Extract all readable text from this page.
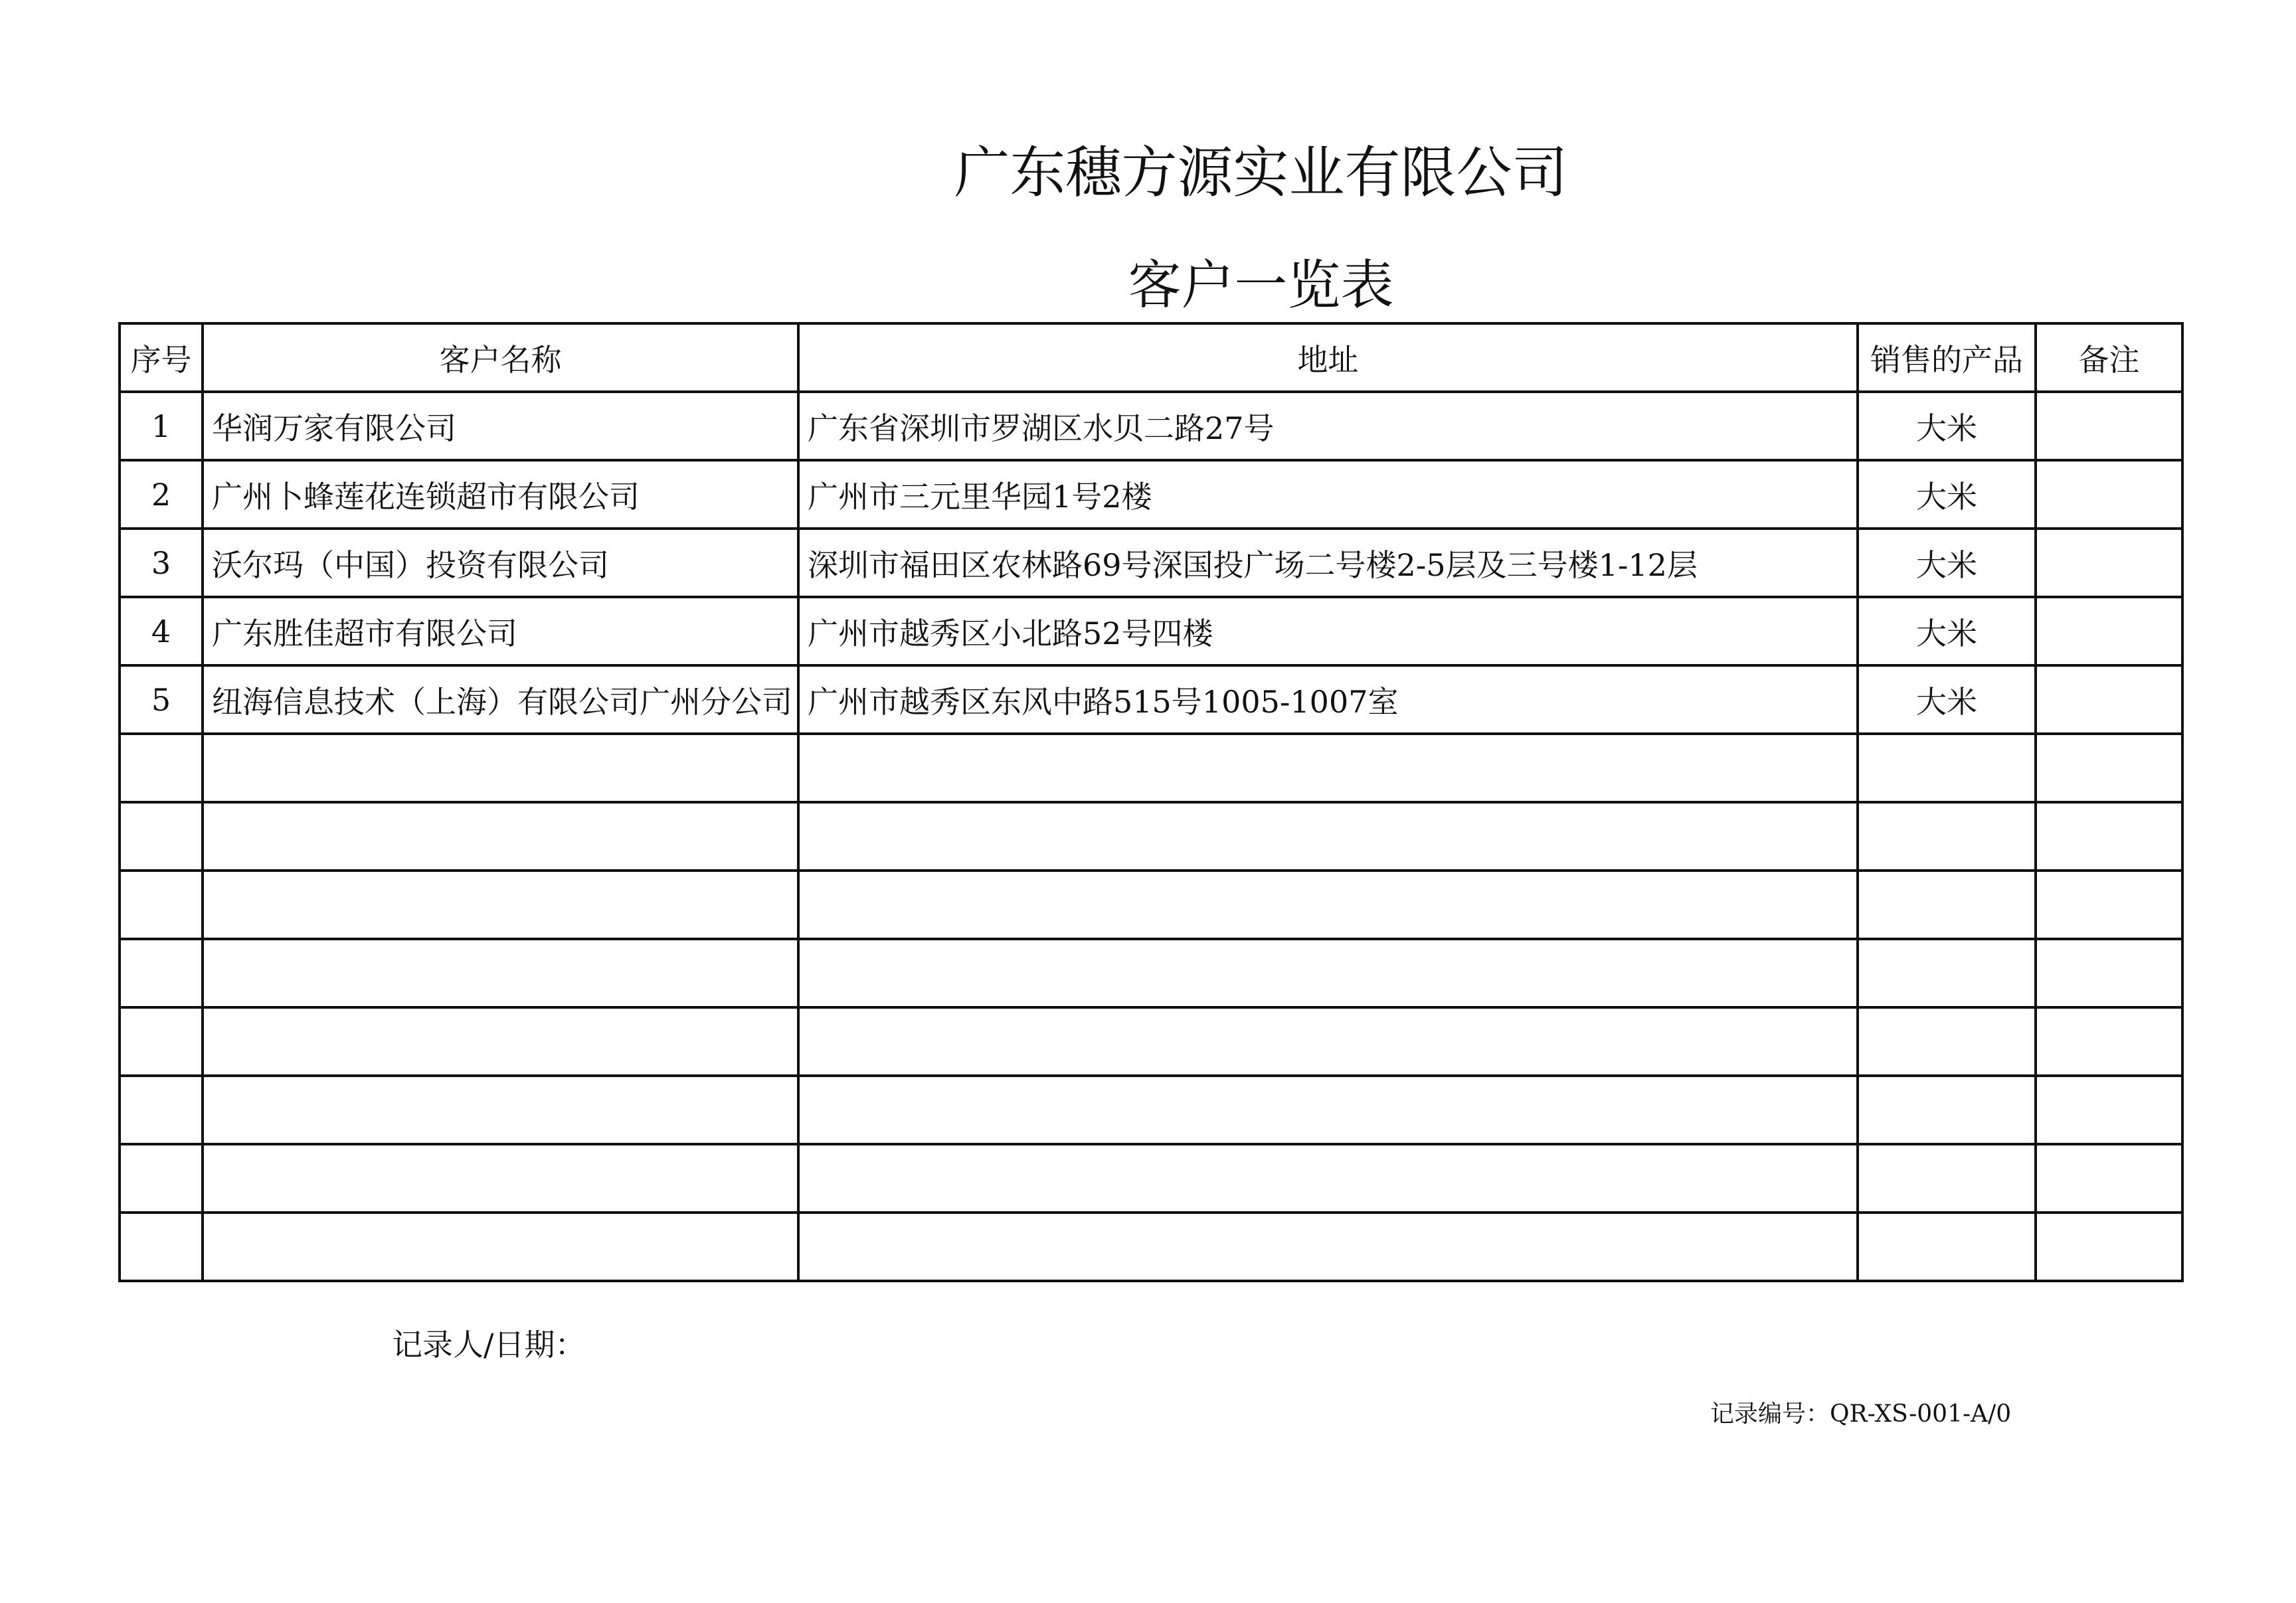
广东穗方源实业有限公司
客户一览表
序号	客户名称	地址	销售的产品	备注
1	华润万家有限公司	广东省深圳市罗湖区水贝二路27号	大米	
2	广州卜蜂莲花连锁超市有限公司	广州市三元里华园1号2楼	大米	
3	沃尔玛（中国）投资有限公司	深圳市福田区农林路69号深国投广场二号楼2-5层及三号楼1-12层	大米	
4	广东胜佳超市有限公司	广州市越秀区小北路52号四楼	大米	
5	纽海信息技术（上海）有限公司广州分公司	广州市越秀区东风中路515号1005-1007室	大米	

记录人/日期：
记录编号：QR-XS-001-A/0
